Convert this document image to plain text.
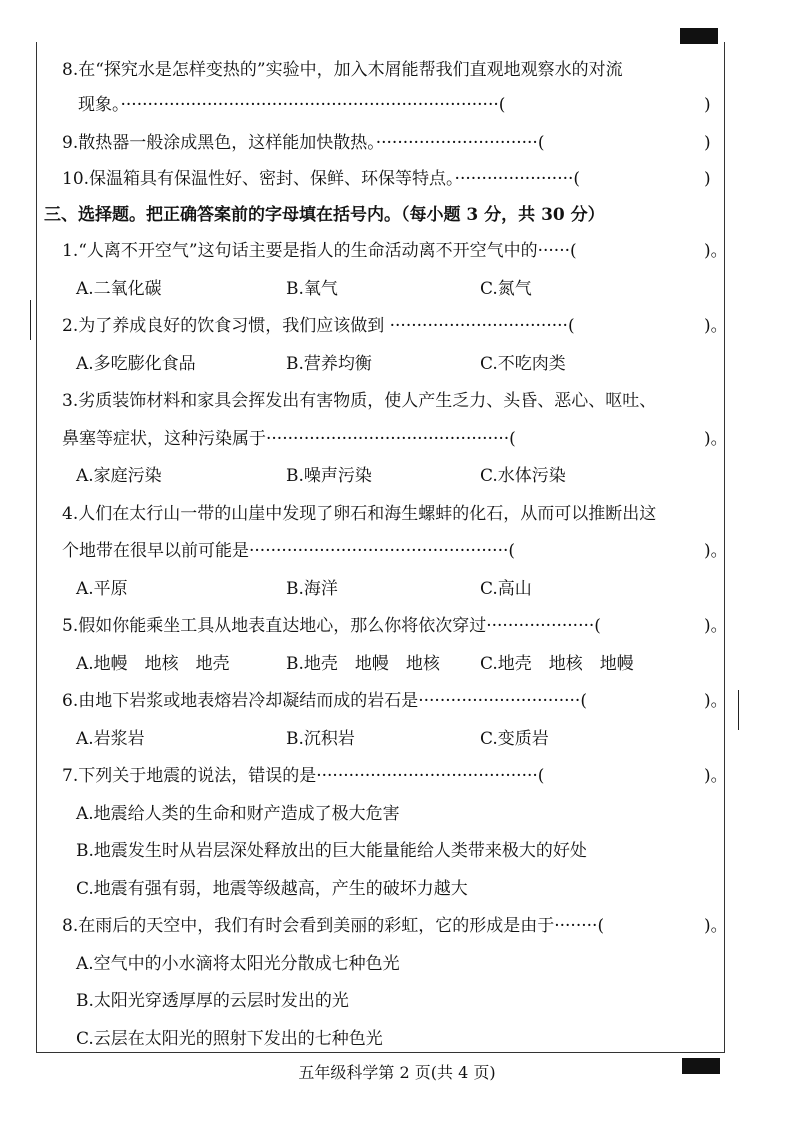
8.在“探究水是怎样变热的”实验中，加入木屑能帮我们直观地观察水的对流
现象。······································································(	)
9.散热器一般涂成黑色，这样能加快散热。······························(	)
10.保温箱具有保温性好、密封、保鲜、环保等特点。······················(	)
三、选择题。把正确答案前的字母填在括号内。（每小题 3 分，共 30 分）
1.“人离不开空气”这句话主要是指人的生命活动离不开空气中的······(	)。
A.二氧化碳	B.氧气	C.氮气
2.为了养成良好的饮食习惯，我们应该做到 ·································(	)。
A.多吃膨化食品	B.营养均衡	C.不吃肉类
3.劣质装饰材料和家具会挥发出有害物质，使人产生乏力、头昏、恶心、呕吐、
鼻塞等症状，这种污染属于·············································(	)。
A.家庭污染	B.噪声污染	C.水体污染
4.人们在太行山一带的山崖中发现了卵石和海生螺蚌的化石，从而可以推断出这
个地带在很早以前可能是················································(	)。
A.平原	B.海洋	C.高山
5.假如你能乘坐工具从地表直达地心，那么你将依次穿过····················(	)。
A.地幔　地核　地壳	B.地壳　地幔　地核 C.地壳　地核　地幔
6.由地下岩浆或地表熔岩冷却凝结而成的岩石是······························(	)。
A.岩浆岩	B.沉积岩	C.变质岩
7.下列关于地震的说法，错误的是·········································(	)。
A.地震给人类的生命和财产造成了极大危害
B.地震发生时从岩层深处释放出的巨大能量能给人类带来极大的好处
C.地震有强有弱，地震等级越高，产生的破坏力越大
8.在雨后的天空中，我们有时会看到美丽的彩虹，它的形成是由于········(	)。
A.空气中的小水滴将太阳光分散成七种色光
B.太阳光穿透厚厚的云层时发出的光
C.云层在太阳光的照射下发出的七种色光
五年级科学第 2 页(共 4 页)
